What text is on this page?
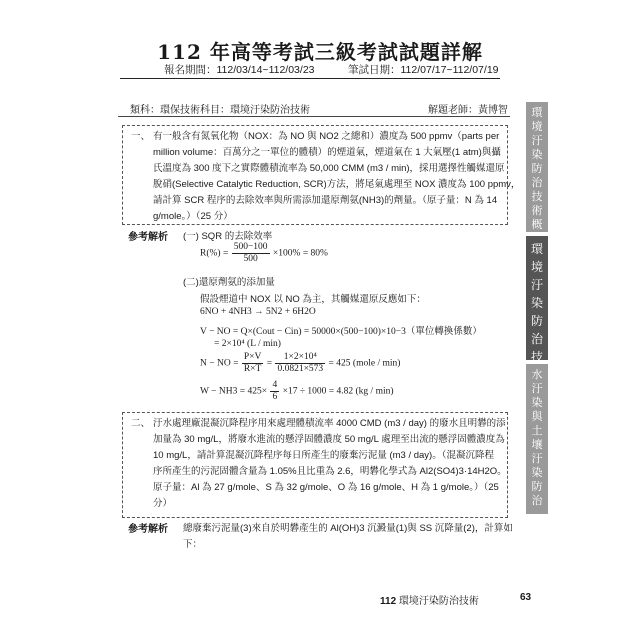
112 年高等考試三級考試試題詳解
報名期間：112/03/14~112/03/23	筆試日期：112/07/17~112/07/19
類科：環保技術 科目：環境汙染防治技術	解題老師：黃博智
一、 有一般含有氮氧化物（NOX：為 NO 與 NO2 之總和）濃度為 500 ppmv（parts per
million volume：百萬分之一單位的體積）的煙道氣，煙道氣在 1 大氣壓(1 atm)與攝
氏溫度為 300 度下之實際體積流率為 50,000 CMM (m3 / min)，採用選擇性觸媒還原
脫硝(Selective Catalytic Reduction, SCR)方法，將尾氣處理至 NOX 濃度為 100 ppmv，
請計算 SCR 程序的去除效率與所需添加還原劑氨(NH3)的劑量。（原子量：N 為 14
g/mole。）（25 分）
參考解析 (一) SQR 的去除效率
$R(\%) = \frac{500-100}{500} \times 100\% = 80\%$
(二)還原劑氨的添加量
假設煙道中 NOX 以 NO 為主，其觸媒還原反應如下：
6NO + 4NH3 → 5N2 + 6H2O
V − NO = Q×(Cout − Cin) = 50000×(500−100)×10−3（單位轉換係數）
= 2×10⁴ (L / min)
N − NO = $\frac{P\times V}{R\times T} = \frac{\text{1×2×10⁴}}{0.0821\times 573} = 425$ (mole / min)
$W - NH3 = 425\times \frac{4}{6} \times 17 \div 1000 = 4.82$ (kg / min)
二、 汙水處理廠混凝沉降程序用來處理體積流率 4000 CMD (m3 / day) 的廢水且明礬的添
加量為 30 mg/L，將廢水進流的懸浮固體濃度 50 mg/L 處理至出流的懸浮固體濃度為
10 mg/L，請計算混凝沉降程序每日所產生的廢棄污泥量 (m3 / day)。（混凝沉降程
序所產生的污泥固體含量為 1.05%且比重為 2.6，明礬化學式為 Al2(SO4)3·14H2O。
原子量：Al 為 27 g/mole、S 為 32 g/mole、O 為 16 g/mole、H 為 1 g/mole。）（25
分）
參考解析 總廢棄污泥量(3)來自於明礬產生的 Al(OH)3 沉澱量(1)與 SS 沉降量(2)，計算如
下：
環
境
汙
染
防
治
技
術
概
環
境
汙
染
防
治
技
水
汙
染
與
土
壤
汙
染
防
治
112 環境汙染防治技術	63
